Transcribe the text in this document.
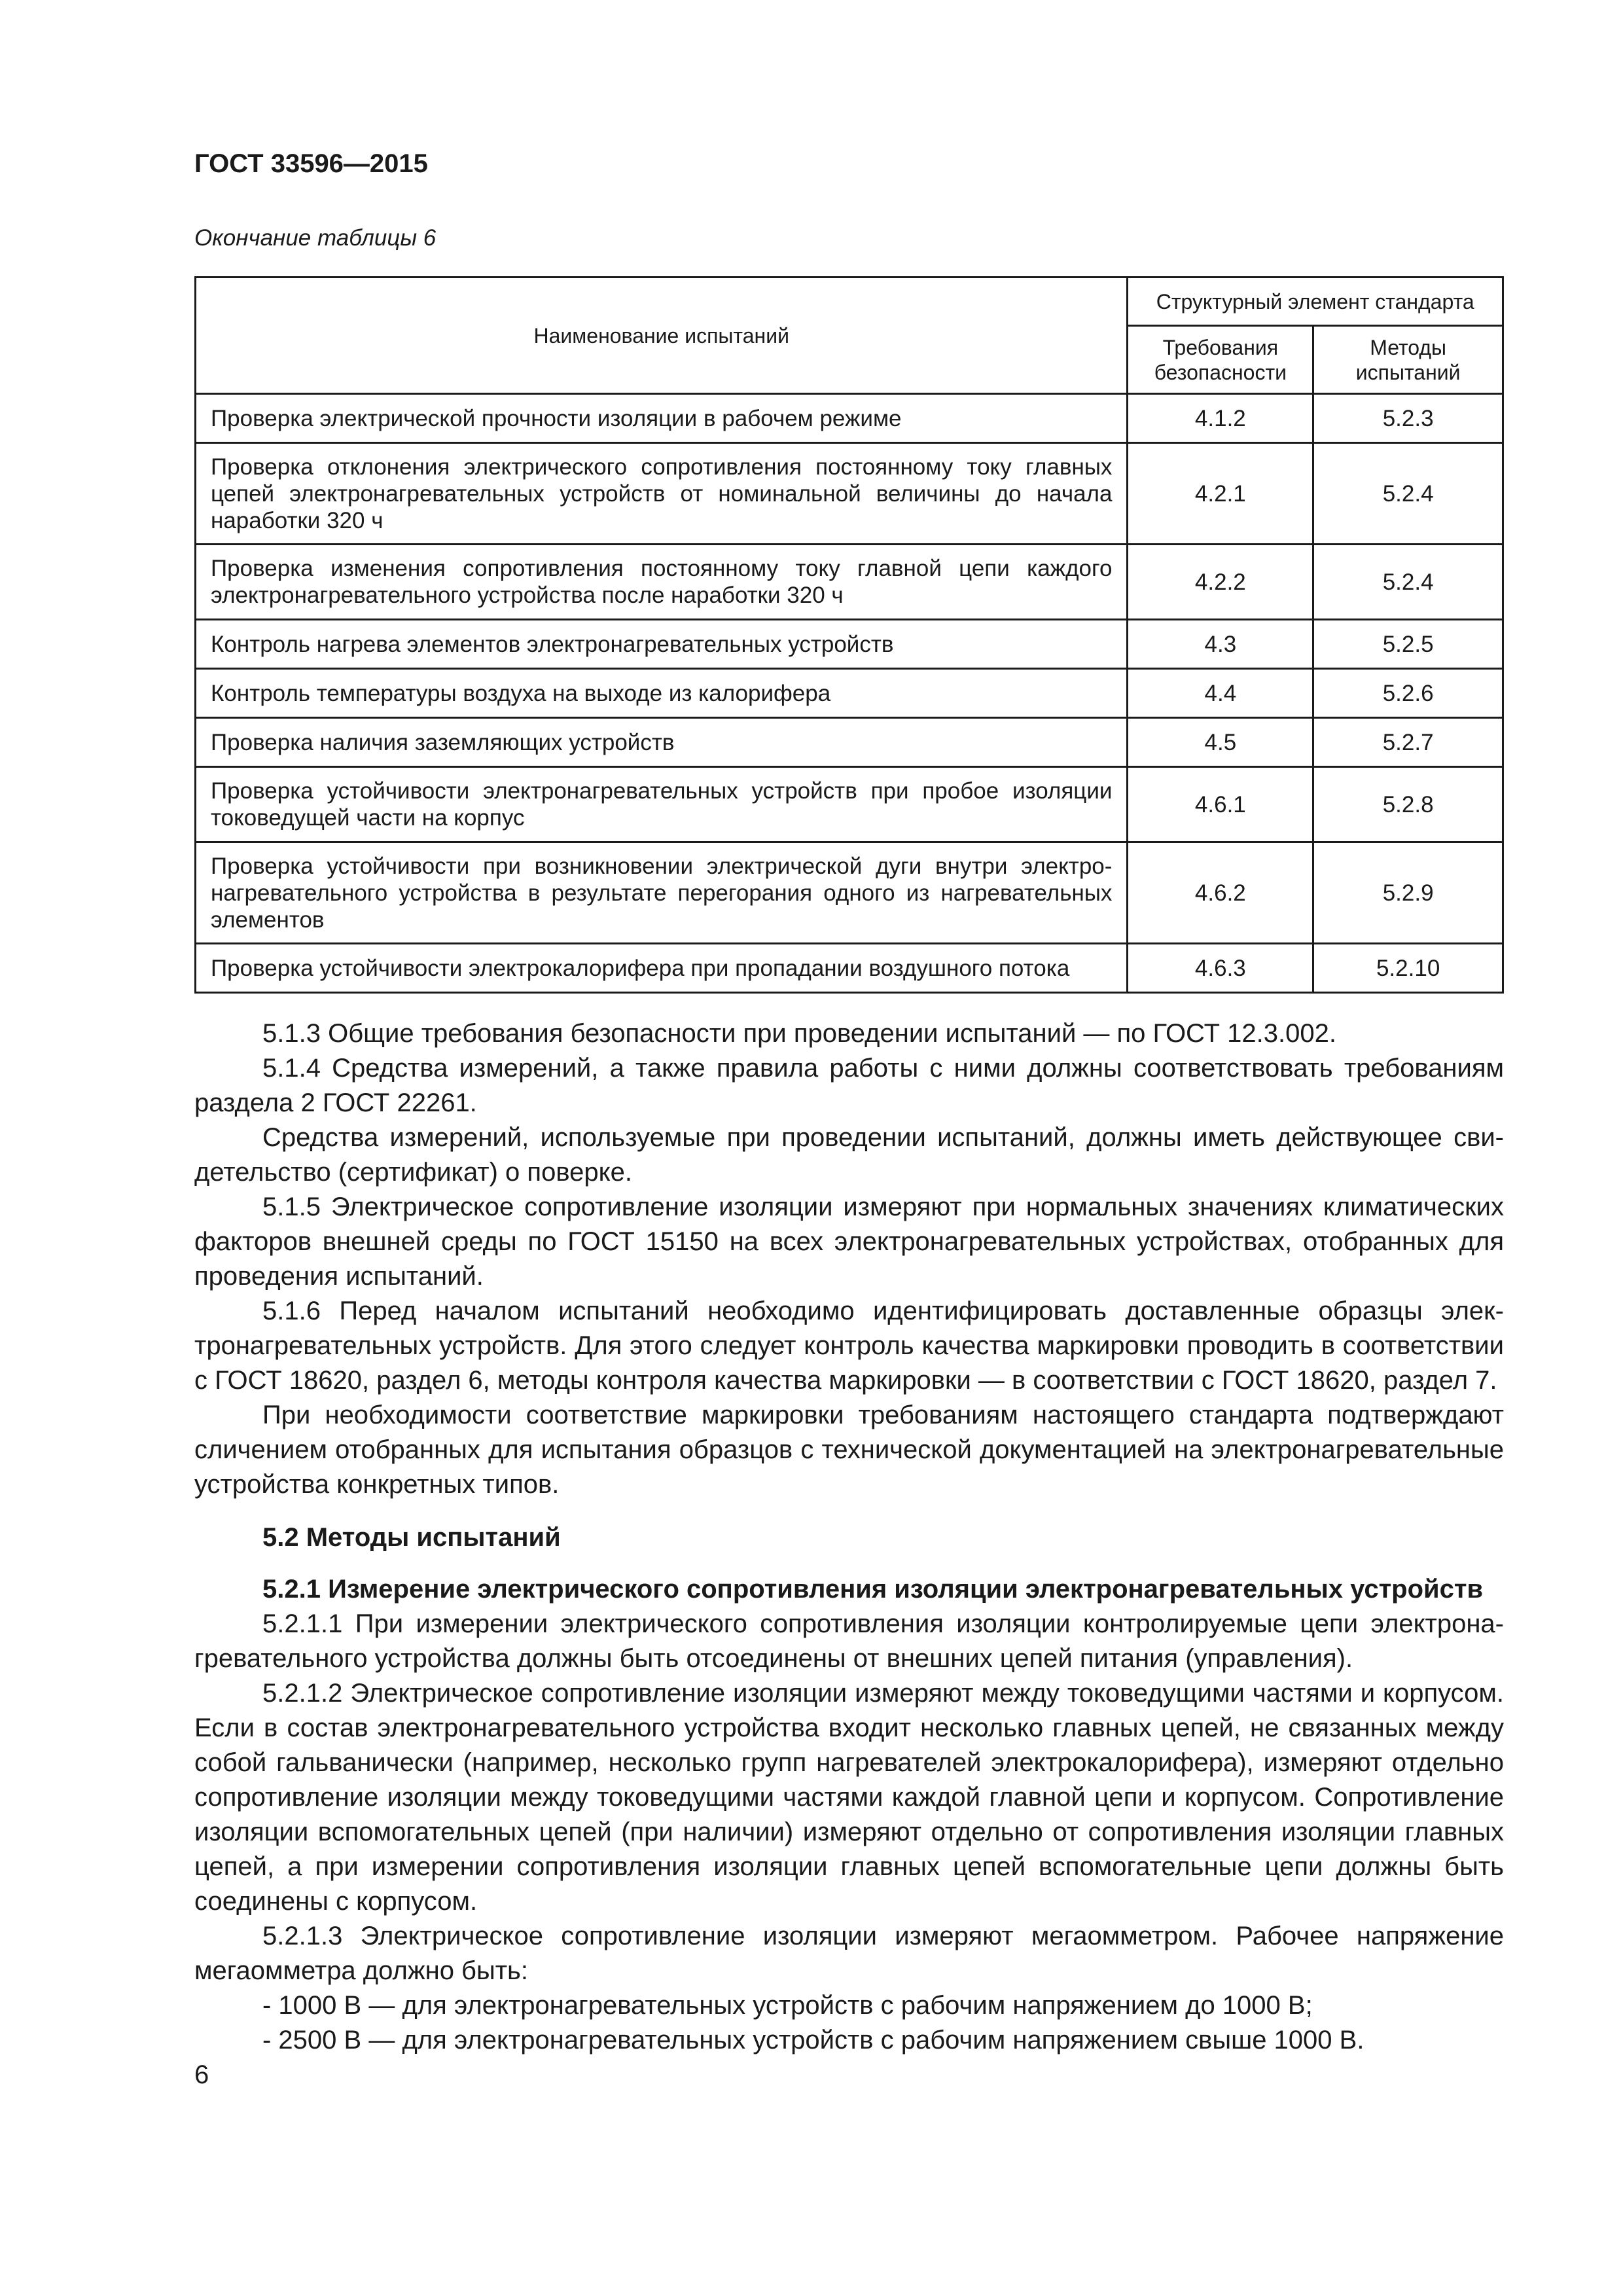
ГОСТ 33596—2015
Окончание таблицы 6
Наименование испытаний	Структурный элемент стандарта	
	Требования безопасности	Методы испытаний
Проверка электрической прочности изоляции в рабочем режиме	4.1.2	5.2.3
Проверка отклонения электрического сопротивления постоянному току главных цепей электронагревательных устройств от номинальной величины до начала наработки 320 ч	4.2.1	5.2.4
Проверка изменения сопротивления постоянному току главной цепи каждого электронагревательного устройства после наработки 320 ч	4.2.2	5.2.4
Контроль нагрева элементов электронагревательных устройств	4.3	5.2.5
Контроль температуры воздуха на выходе из калорифера	4.4	5.2.6
Проверка наличия заземляющих устройств	4.5	5.2.7
Проверка устойчивости электронагревательных устройств при пробое изоляции токоведущей части на корпус	4.6.1	5.2.8
Проверка устойчивости при возникновении электрической дуги внутри электронагревательного устройства в результате перегорания одного из нагревательных элементов	4.6.2	5.2.9
Проверка устойчивости электрокалорифера при пропадании воздушного потока	4.6.3	5.2.10

5.1.3 Общие требования безопасности при проведении испытаний — по ГОСТ 12.3.002.

5.1.4 Средства измерений, а также правила работы с ними должны соответствовать требованиям раздела 2 ГОСТ 22261.

Средства измерений, используемые при проведении испытаний, должны иметь действующее свидетельство (сертификат) о поверке.

5.1.5 Электрическое сопротивление изоляции измеряют при нормальных значениях климатических факторов внешней среды по ГОСТ 15150 на всех электронагревательных устройствах, отобранных для проведения испытаний.

5.1.6 Перед началом испытаний необходимо идентифицировать доставленные образцы электронагревательных устройств. Для этого следует контроль качества маркировки проводить в соответствии с ГОСТ 18620, раздел 6, методы контроля качества маркировки — в соответствии с ГОСТ 18620, раздел 7.

При необходимости соответствие маркировки требованиям настоящего стандарта подтверждают сличением отобранных для испытания образцов с технической документацией на электронагревательные устройства конкретных типов.

5.2 Методы испытаний

5.2.1 Измерение электрического сопротивления изоляции электронагревательных устройств

5.2.1.1 При измерении электрического сопротивления изоляции контролируемые цепи электронагревательного устройства должны быть отсоединены от внешних цепей питания (управления).

5.2.1.2 Электрическое сопротивление изоляции измеряют между токоведущими частями и корпусом. Если в состав электронагревательного устройства входит несколько главных цепей, не связанных между собой гальванически (например, несколько групп нагревателей электрокалорифера), измеряют отдельно сопротивление изоляции между токоведущими частями каждой главной цепи и корпусом. Сопротивление изоляции вспомогательных цепей (при наличии) измеряют отдельно от сопротивления изоляции главных цепей, а при измерении сопротивления изоляции главных цепей вспомогательные цепи должны быть соединены с корпусом.

5.2.1.3 Электрическое сопротивление изоляции измеряют мегаомметром. Рабочее напряжение мегаомметра должно быть:

- 1000 В — для электронагревательных устройств с рабочим напряжением до 1000 В;

- 2500 В — для электронагревательных устройств с рабочим напряжением свыше 1000 В.

6
